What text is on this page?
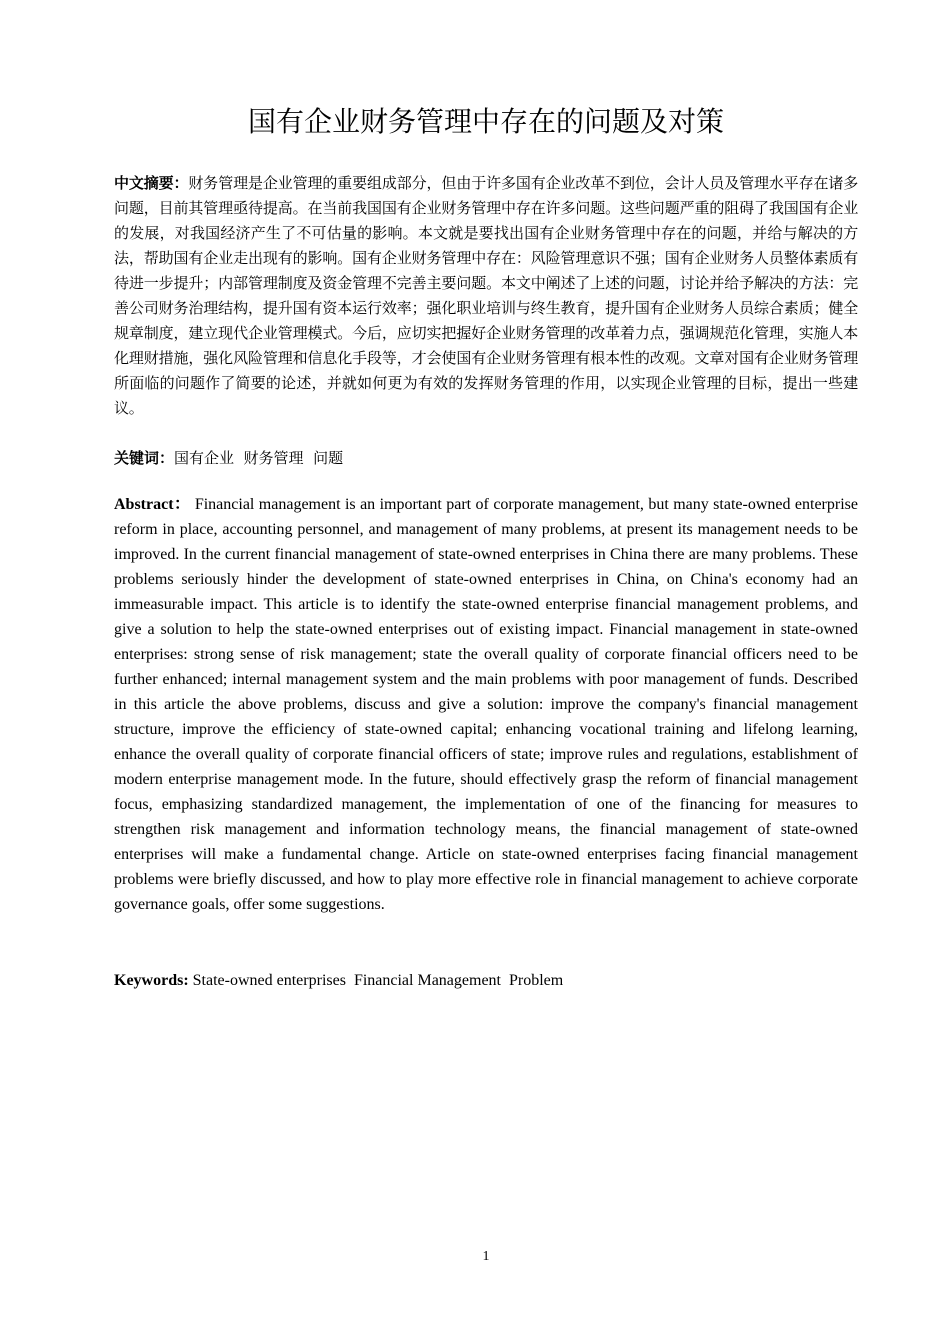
国有企业财务管理中存在的问题及对策

中文摘要：财务管理是企业管理的重要组成部分，但由于许多国有企业改革不到位，会计人员及管理水平存在诸多问题，目前其管理亟待提高。在当前我国国有企业财务管理中存在许多问题。这些问题严重的阻碍了我国国有企业的发展，对我国经济产生了不可估量的影响。本文就是要找出国有企业财务管理中存在的问题，并给与解决的方法，帮助国有企业走出现有的影响。国有企业财务管理中存在：风险管理意识不强；国有企业财务人员整体素质有待进一步提升；内部管理制度及资金管理不完善主要问题。本文中阐述了上述的问题，讨论并给予解决的方法：完善公司财务治理结构，提升国有资本运行效率；强化职业培训与终生教育，提升国有企业财务人员综合素质；健全规章制度，建立现代企业管理模式。今后，应切实把握好企业财务管理的改革着力点，强调规范化管理，实施人本化理财措施，强化风险管理和信息化手段等，才会使国有企业财务管理有根本性的改观。文章对国有企业财务管理所面临的问题作了简要的论述，并就如何更为有效的发挥财务管理的作用，以实现企业管理的目标，提出一些建议。

关键词：国有企业  财务管理  问题

Abstract： Financial management is an important part of corporate management, but many state-owned enterprise reform in place, accounting personnel, and management of many problems, at present its management needs to be improved. In the current financial management of state-owned enterprises in China there are many problems. These problems seriously hinder the development of state-owned enterprises in China, on China's economy had an immeasurable impact. This article is to identify the state-owned enterprise financial management problems, and give a solution to help the state-owned enterprises out of existing impact. Financial management in state-owned enterprises: strong sense of risk management; state the overall quality of corporate financial officers need to be further enhanced; internal management system and the main problems with poor management of funds. Described in this article the above problems, discuss and give a solution: improve the company's financial management structure, improve the efficiency of state-owned capital; enhancing vocational training and lifelong learning, enhance the overall quality of corporate financial officers of state; improve rules and regulations, establishment of modern enterprise management mode. In the future, should effectively grasp the reform of financial management focus, emphasizing standardized management, the implementation of one of the financing for measures to strengthen risk management and information technology means, the financial management of state-owned enterprises will make a fundamental change. Article on state-owned enterprises facing financial management problems were briefly discussed, and how to play more effective role in financial management to achieve corporate governance goals, offer some suggestions.

Keywords: State-owned enterprises  Financial Management  Problem

1
